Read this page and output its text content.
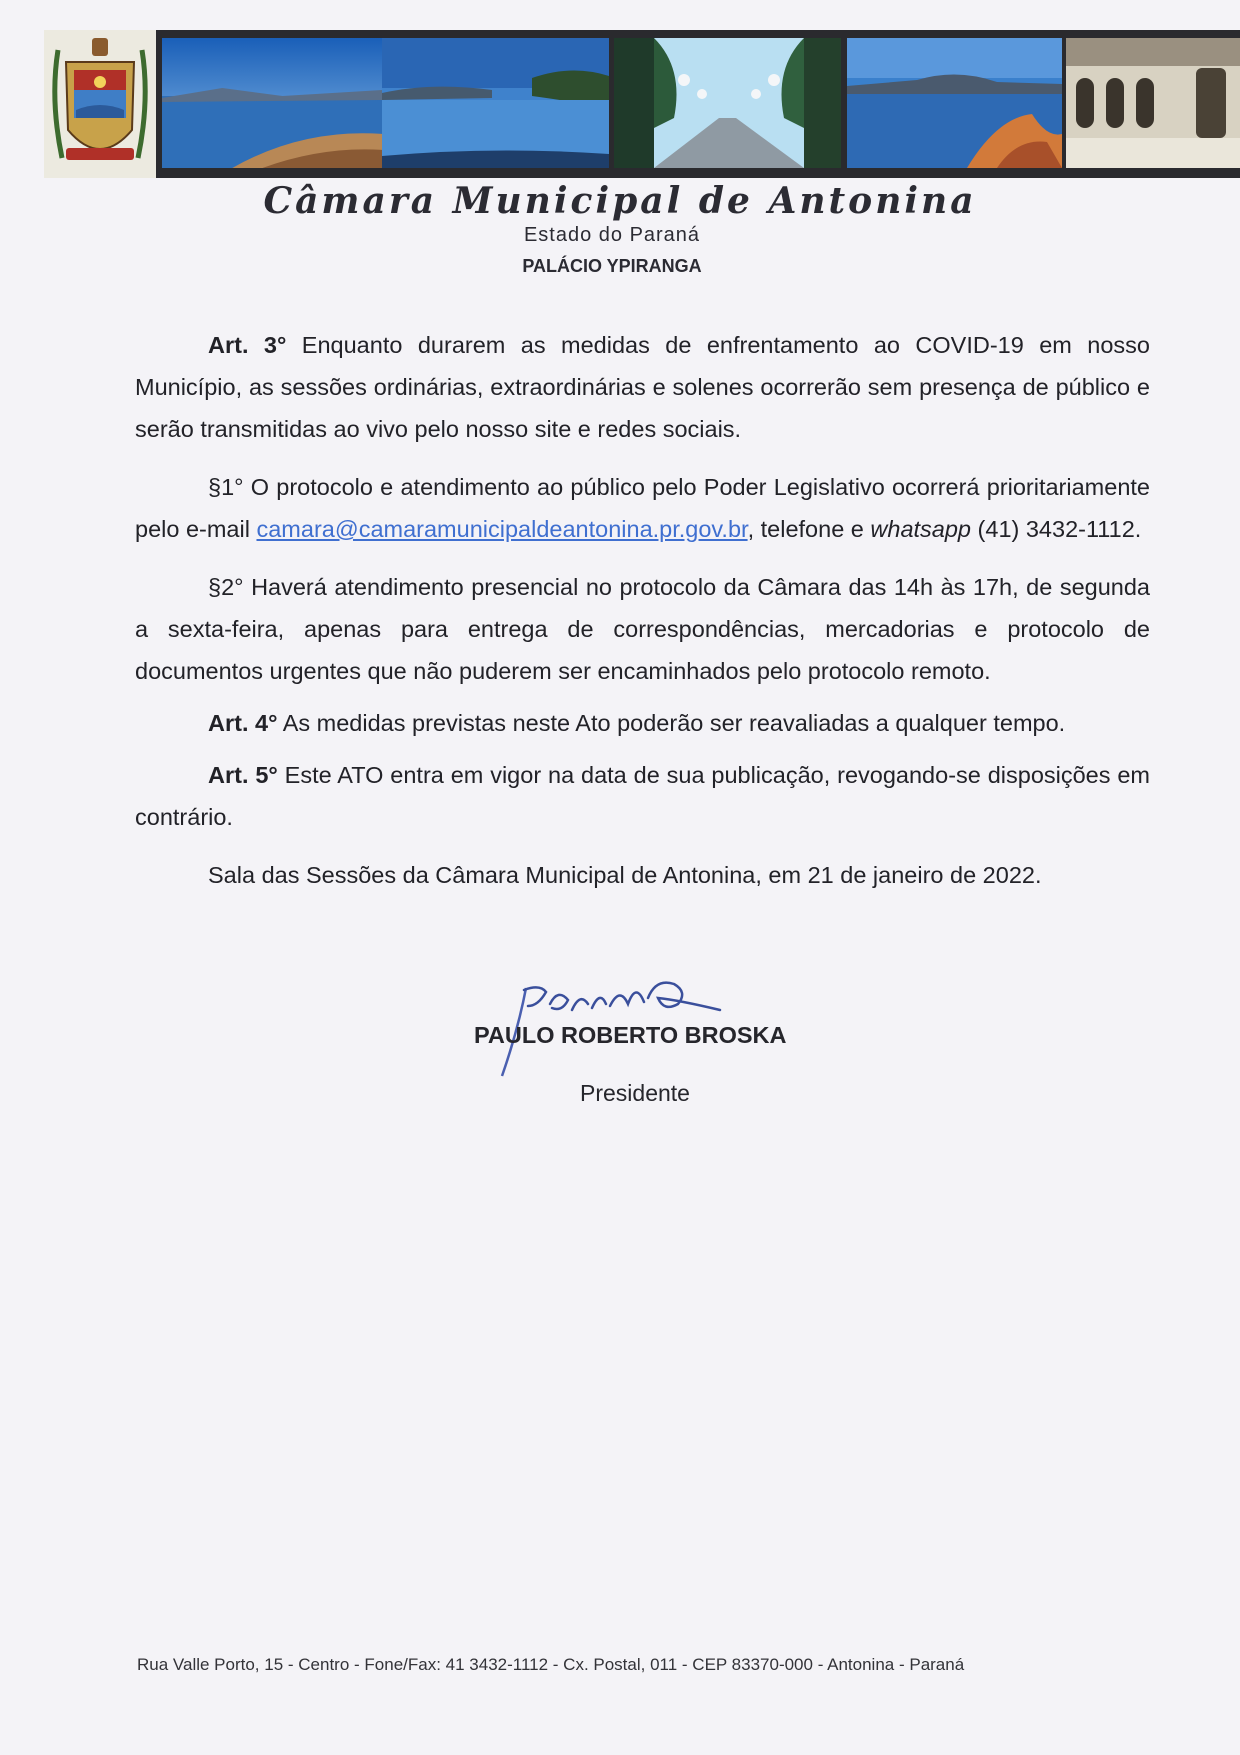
Câmara Municipal de Antonina
Estado do Paraná
PALÁCIO YPIRANGA

Art. 3° Enquanto durarem as medidas de enfrentamento ao COVID-19 em nosso Município, as sessões ordinárias, extraordinárias e solenes ocorrerão sem presença de público e serão transmitidas ao vivo pelo nosso site e redes sociais.

§1° O protocolo e atendimento ao público pelo Poder Legislativo ocorrerá prioritariamente pelo e-mail camara@camaramunicipaldeantonina.pr.gov.br, telefone e whatsapp (41) 3432-1112.

§2° Haverá atendimento presencial no protocolo da Câmara das 14h às 17h, de segunda a sexta-feira, apenas para entrega de correspondências, mercadorias e protocolo de documentos urgentes que não puderem ser encaminhados pelo protocolo remoto.

Art. 4° As medidas previstas neste Ato poderão ser reavaliadas a qualquer tempo.

Art. 5° Este ATO entra em vigor na data de sua publicação, revogando-se disposições em contrário.

Sala das Sessões da Câmara Municipal de Antonina, em 21 de janeiro de 2022.

PAULO ROBERTO BROSKA
Presidente
Rua Valle Porto, 15 - Centro - Fone/Fax: 41 3432-1112 - Cx. Postal, 011 - CEP 83370-000 - Antonina - Paraná
